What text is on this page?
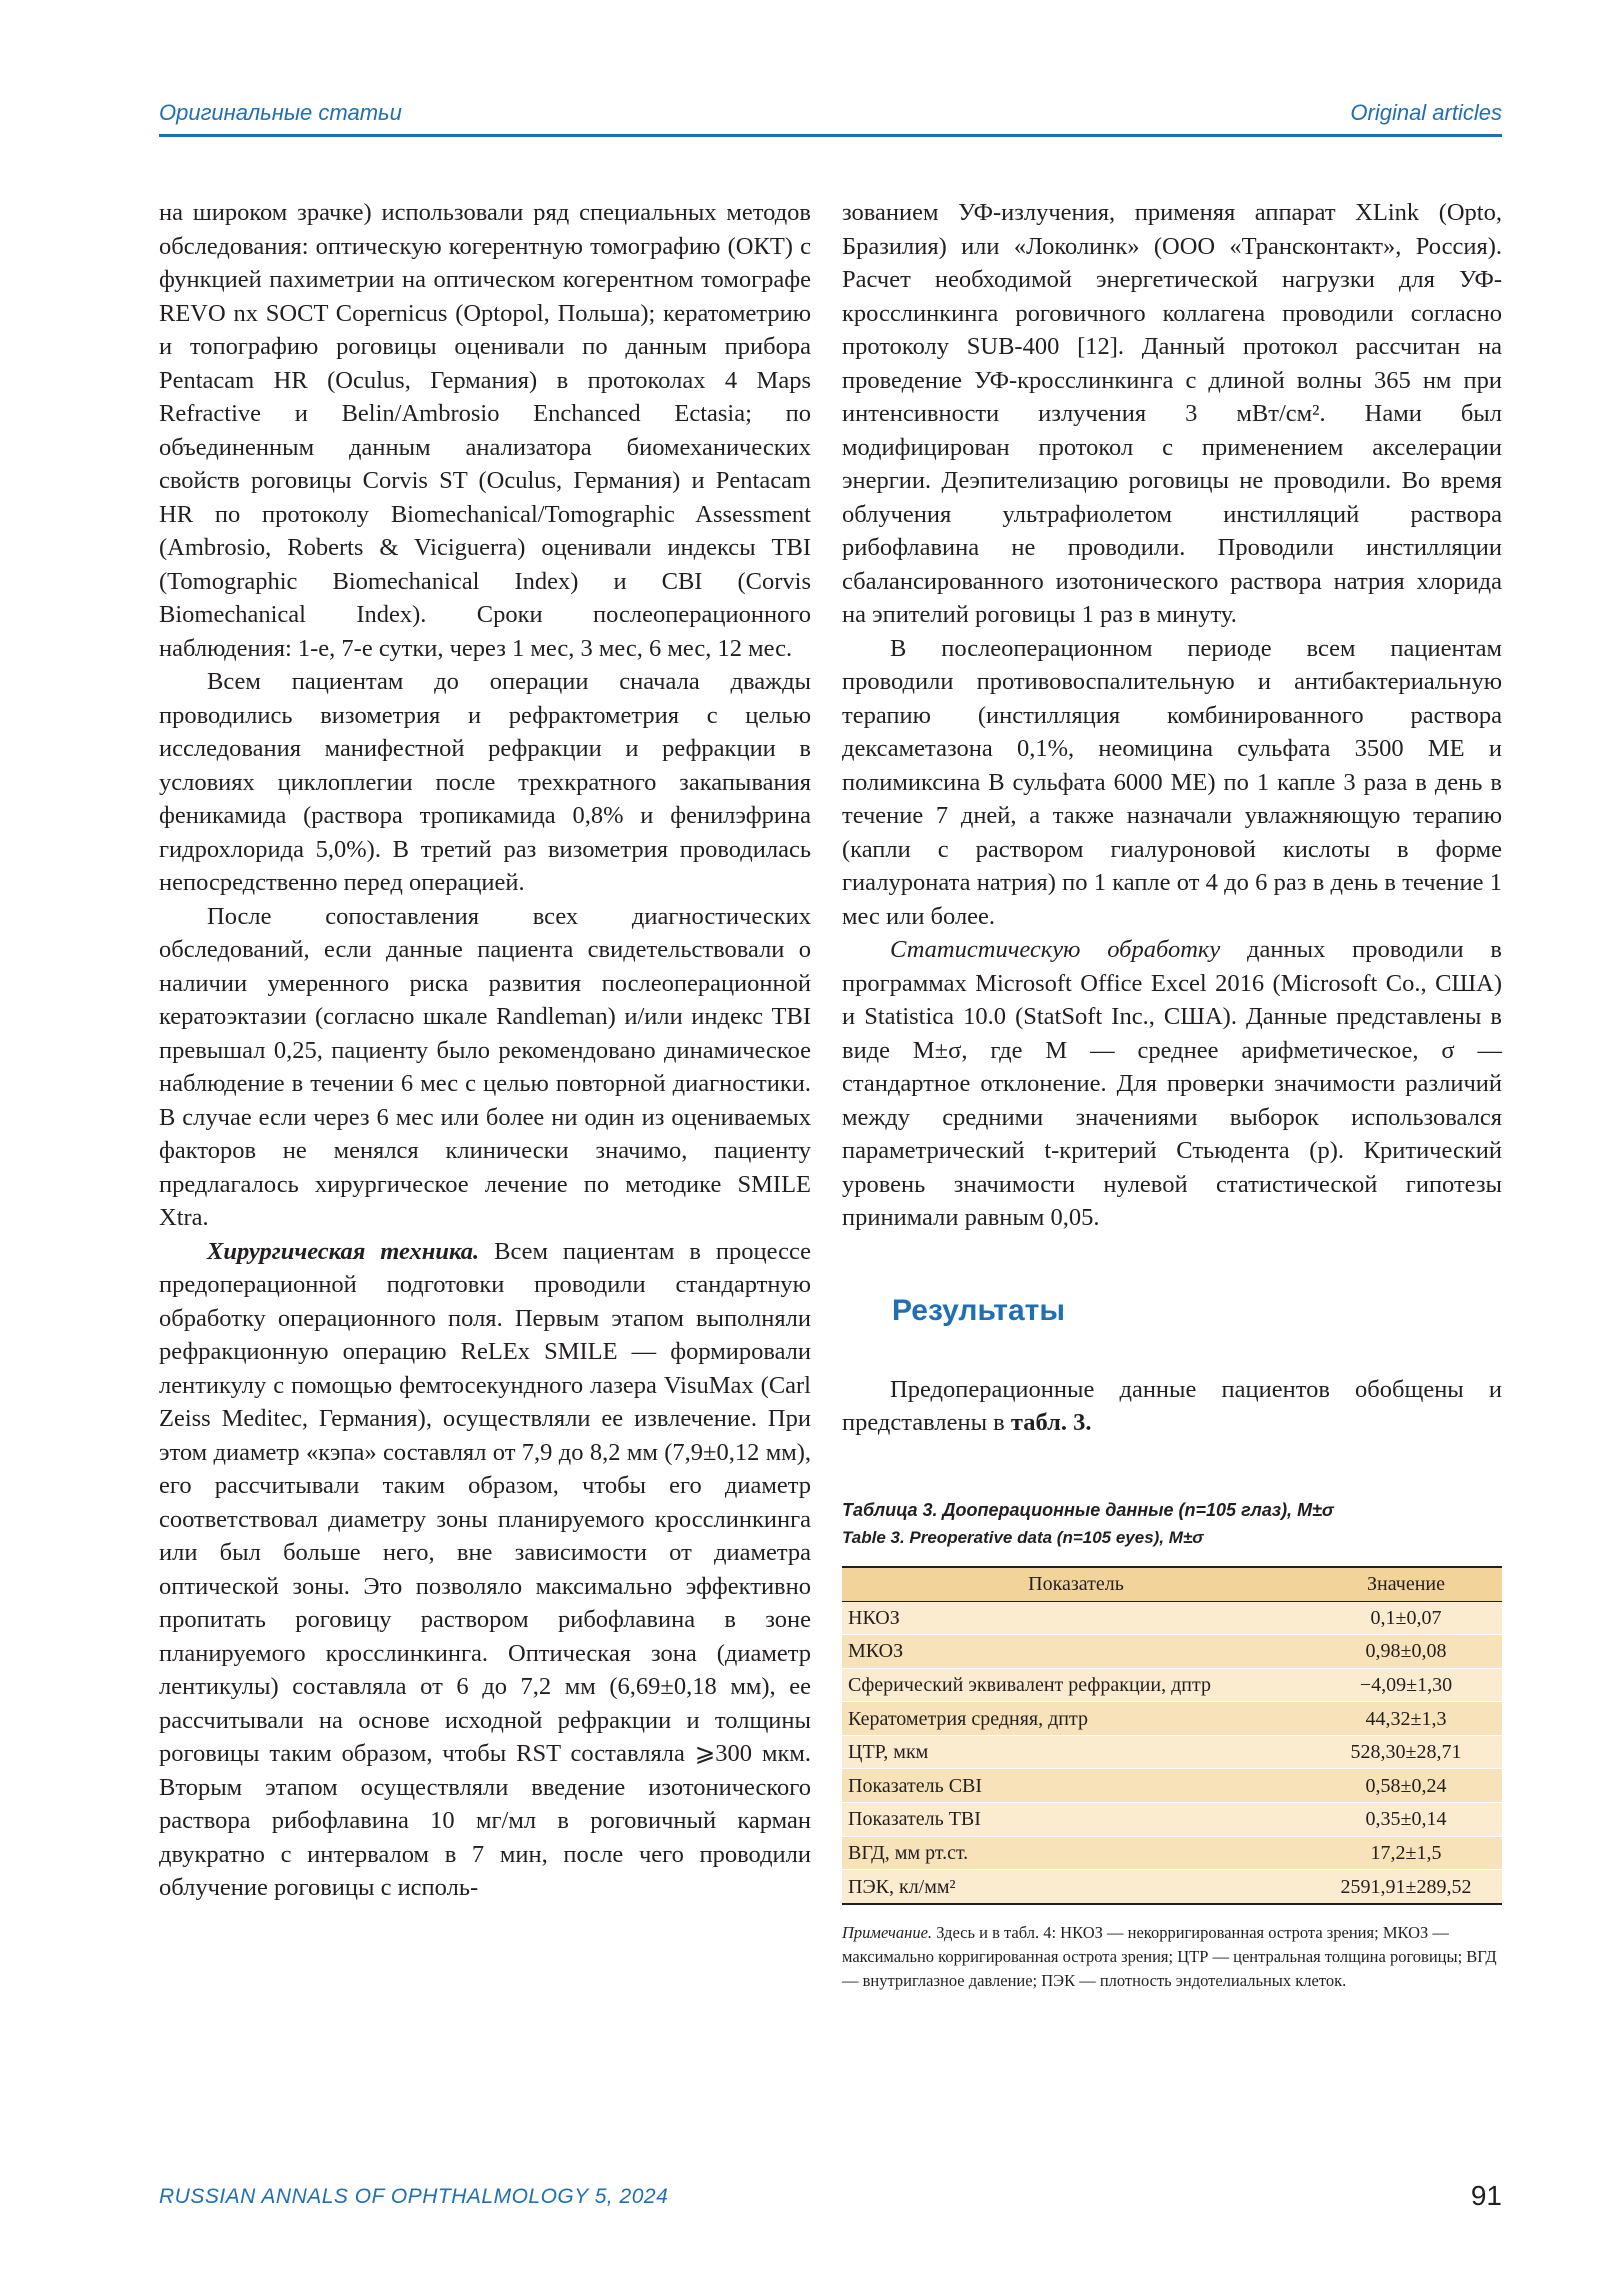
Оригинальные статьи	Original articles

на широком зрачке) использовали ряд специальных методов обследования: оптическую когерентную томографию (ОКТ) с функцией пахиметрии на оптическом когерентном томографе REVO nx SOCT Copernicus (Optopol, Польша); кератометрию и топографию роговицы оценивали по данным прибора Pentacam HR (Oculus, Германия) в протоколах 4 Maps Refractive и Belin/Ambrosio Enchanced Ectasia; по объединенным данным анализатора биомеханических свойств роговицы Corvis ST (Oculus, Германия) и Pentacam HR по протоколу Biomechanical/Tomographic Assessment (Ambrosio, Roberts & Viciguerra) оценивали индексы TBI (Tomographic Biomechanical Index) и CBI (Corvis Biomechanical Index). Сроки послеоперационного наблюдения: 1-е, 7-е сутки, через 1 мес, 3 мес, 6 мес, 12 мес.

Всем пациентам до операции сначала дважды проводились визометрия и рефрактометрия с целью исследования манифестной рефракции и рефракции в условиях циклоплегии после трехкратного закапывания феникамида (раствора тропикамида 0,8% и фенилэфрина гидрохлорида 5,0%). В третий раз визометрия проводилась непосредственно перед операцией.

После сопоставления всех диагностических обследований, если данные пациента свидетельствовали о наличии умеренного риска развития послеоперационной кератоэктазии (согласно шкале Randleman) и/или индекс TBI превышал 0,25, пациенту было рекомендовано динамическое наблюдение в течении 6 мес с целью повторной диагностики. В случае если через 6 мес или более ни один из оцениваемых факторов не менялся клинически значимо, пациенту предлагалось хирургическое лечение по методике SMILE Xtra.

Хирургическая техника. Всем пациентам в процессе предоперационной подготовки проводили стандартную обработку операционного поля. Первым этапом выполняли рефракционную операцию ReLEx SMILE — формировали лентикулу с помощью фемтосекундного лазера VisuMax (Carl Zeiss Meditec, Германия), осуществляли ее извлечение. При этом диаметр «кэпа» составлял от 7,9 до 8,2 мм (7,9±0,12 мм), его рассчитывали таким образом, чтобы его диаметр соответствовал диаметру зоны планируемого кросслинкинга или был больше него, вне зависимости от диаметра оптической зоны. Это позволяло максимально эффективно пропитать роговицу раствором рибофлавина в зоне планируемого кросслинкинга. Оптическая зона (диаметр лентикулы) составляла от 6 до 7,2 мм (6,69±0,18 мм), ее рассчитывали на основе исходной рефракции и толщины роговицы таким образом, чтобы RST составляла ⩾300 мкм. Вторым этапом осуществляли введение изотонического раствора рибофлавина 10 мг/мл в роговичный карман двукратно с интервалом в 7 мин, после чего проводили облучение роговицы с исполь-

зованием УФ-излучения, применяя аппарат XLink (Opto, Бразилия) или «Локолинк» (ООО «Трансконтакт», Россия). Расчет необходимой энергетической нагрузки для УФ-кросслинкинга роговичного коллагена проводили согласно протоколу SUB-400 [12]. Данный протокол рассчитан на проведение УФ-кросслинкинга с длиной волны 365 нм при интенсивности излучения 3 мВт/см². Нами был модифицирован протокол с применением акселерации энергии. Деэпителизацию роговицы не проводили. Во время облучения ультрафиолетом инстилляций раствора рибофлавина не проводили. Проводили инстилляции сбалансированного изотонического раствора натрия хлорида на эпителий роговицы 1 раз в минуту.

В послеоперационном периоде всем пациентам проводили противовоспалительную и антибактериальную терапию (инстилляция комбинированного раствора дексаметазона 0,1%, неомицина сульфата 3500 МЕ и полимиксина B сульфата 6000 МЕ) по 1 капле 3 раза в день в течение 7 дней, а также назначали увлажняющую терапию (капли с раствором гиалуроновой кислоты в форме гиалуроната натрия) по 1 капле от 4 до 6 раз в день в течение 1 мес или более.

Статистическую обработку данных проводили в программах Microsoft Office Excel 2016 (Microsoft Co., США) и Statistica 10.0 (StatSoft Inc., США). Данные представлены в виде M±σ, где M — среднее арифметическое, σ — стандартное отклонение. Для проверки значимости различий между средними значениями выборок использовался параметрический t-критерий Стьюдента (p). Критический уровень значимости нулевой статистической гипотезы принимали равным 0,05.

Результаты

Предоперационные данные пациентов обобщены и представлены в табл. 3.

Таблица 3. Дооперационные данные (n=105 глаз), M±σ
Table 3. Preoperative data (n=105 eyes), M±σ
Показатель	Значение
НКОЗ	0,1±0,07
МКОЗ	0,98±0,08
Сферический эквивалент рефракции, дптр	−4,09±1,30
Кератометрия средняя, дптр	44,32±1,3
ЦТР, мкм	528,30±28,71
Показатель CBI	0,58±0,24
Показатель TBI	0,35±0,14
ВГД, мм рт.ст.	17,2±1,5
ПЭК, кл/мм²	2591,91±289,52
Примечание. Здесь и в табл. 4: НКОЗ — некорригированная острота зрения; МКОЗ — максимально корригированная острота зрения; ЦТР — центральная толщина роговицы; ВГД — внутриглазное давление; ПЭК — плотность эндотелиальных клеток.
RUSSIAN ANNALS OF OPHTHALMOLOGY 5, 2024	91
